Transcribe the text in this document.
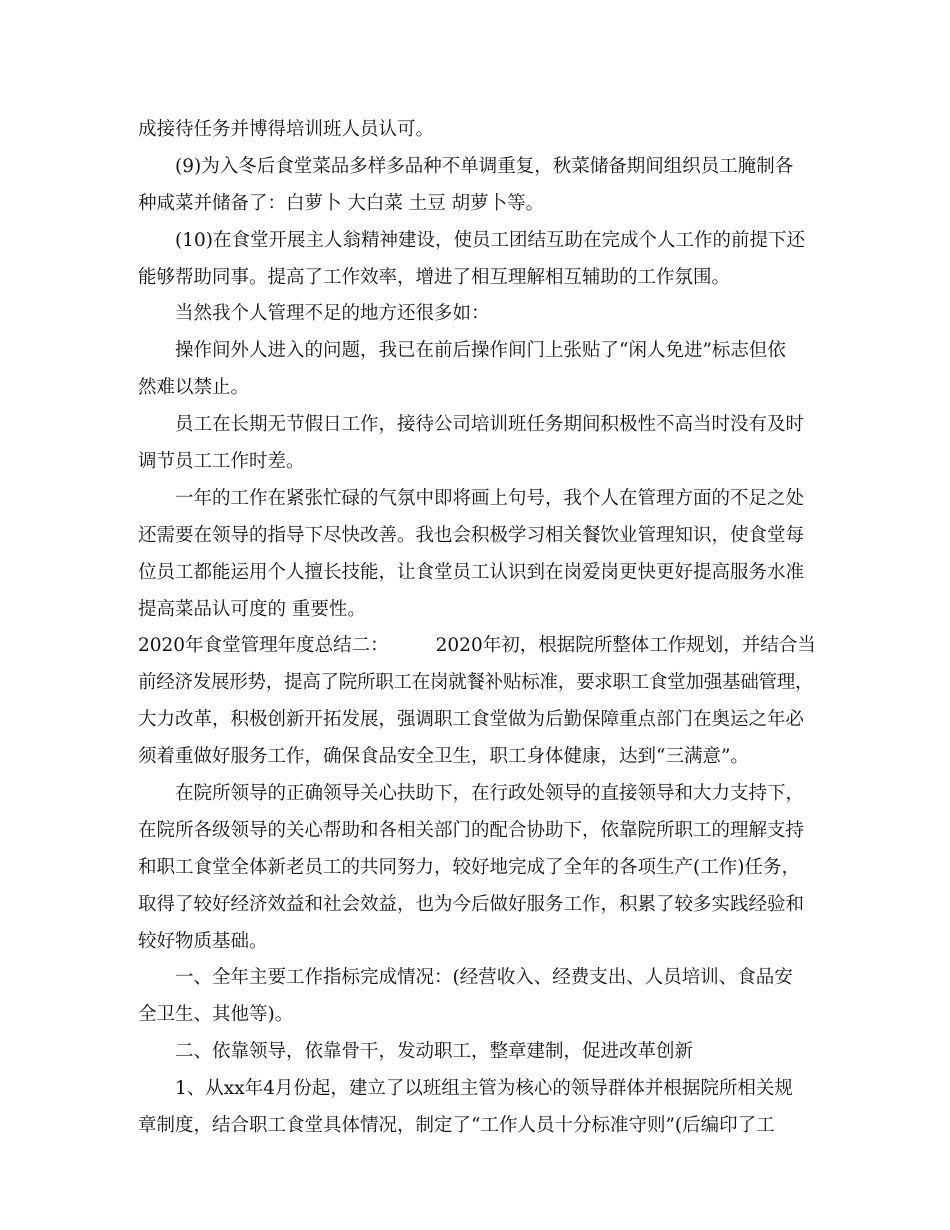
成接待任务并博得培训班人员认可。
(9)为入冬后食堂菜品多样多品种不单调重复，秋菜储备期间组织员工腌制各
种咸菜并储备了：白萝卜 大白菜 土豆 胡萝卜等。
(10)在食堂开展主人翁精神建设，使员工团结互助在完成个人工作的前提下还
能够帮助同事。提高了工作效率，增进了相互理解相互辅助的工作氛围。
当然我个人管理不足的地方还很多如：
操作间外人进入的问题，我已在前后操作间门上张贴了“闲人免进”标志但依
然难以禁止。
员工在长期无节假日工作，接待公司培训班任务期间积极性不高当时没有及时
调节员工工作时差。
一年的工作在紧张忙碌的气氛中即将画上句号，我个人在管理方面的不足之处
还需要在领导的指导下尽快改善。我也会积极学习相关餐饮业管理知识，使食堂每
位员工都能运用个人擅长技能，让食堂员工认识到在岗爱岗更快更好提高服务水准
提高菜品认可度的 重要性。
2020年食堂管理年度总结二：        2020年初，根据院所整体工作规划，并结合当
前经济发展形势，提高了院所职工在岗就餐补贴标准，要求职工食堂加强基础管理，
大力改革，积极创新开拓发展，强调职工食堂做为后勤保障重点部门在奥运之年必
须着重做好服务工作，确保食品安全卫生，职工身体健康，达到“三满意”。
在院所领导的正确领导关心扶助下，在行政处领导的直接领导和大力支持下，
在院所各级领导的关心帮助和各相关部门的配合协助下，依靠院所职工的理解支持
和职工食堂全体新老员工的共同努力，较好地完成了全年的各项生产(工作)任务，
取得了较好经济效益和社会效益，也为今后做好服务工作，积累了较多实践经验和
较好物质基础。
一、全年主要工作指标完成情况：(经营收入、经费支出、人员培训、食品安
全卫生、其他等)。
二、依靠领导，依靠骨干，发动职工，整章建制，促进改革创新
1、从xx年4月份起，建立了以班组主管为核心的领导群体并根据院所相关规
章制度，结合职工食堂具体情况，制定了“工作人员十分标准守则”(后编印了工
